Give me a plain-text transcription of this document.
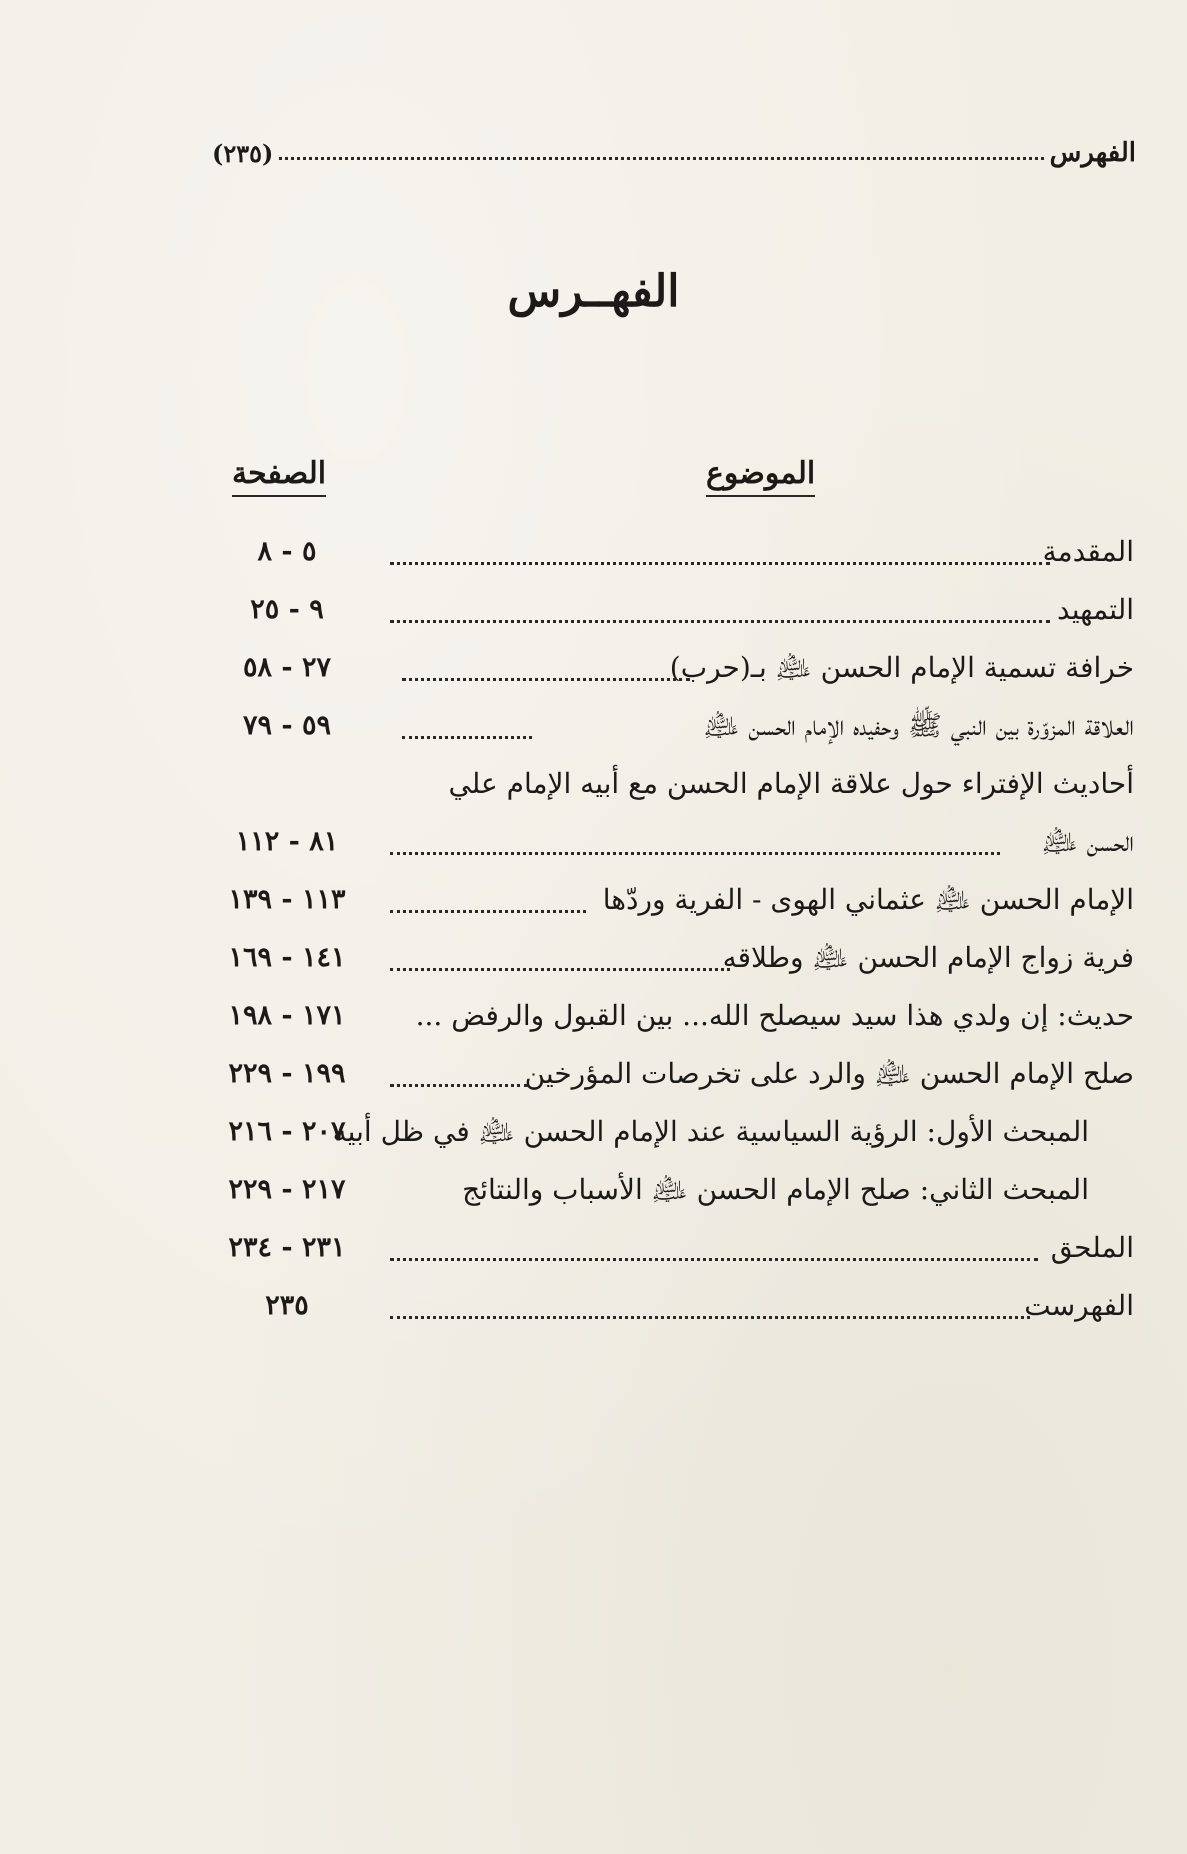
الفهرس
(٢٣٥)
الفهــرس
الموضوع
الصفحة
المقدمة
٥ - ٨
التمهيد
٩ - ٢٥
خرافة تسمية الإمام الحسن ﵇ بـ(حرب)
٢٧ - ٥٨
العلاقة المزوّرة بين النبي ﷺ وحفيده الإمام الحسن ﵇
٥٩ - ٧٩
أحاديث الإفتراء حول علاقة الإمام الحسن مع أبيه الإمام علي
الحسن ﵇
٨١ - ١١٢
الإمام الحسن ﵇ عثماني الهوى - الفرية وردّها
١١٣ - ١٣٩
فرية زواج الإمام الحسن ﵇ وطلاقه
١٤١ - ١٦٩
حديث: إن ولدي هذا سيد سيصلح الله... بين القبول والرفض ...
١٧١ - ١٩٨
صلح الإمام الحسن ﵇ والرد على تخرصات المؤرخين
١٩٩ - ٢٢٩
المبحث الأول: الرؤية السياسية عند الإمام الحسن ﵇ في ظل أبيه
٢٠٧ - ٢١٦
المبحث الثاني: صلح الإمام الحسن ﵇ الأسباب والنتائج
٢١٧ - ٢٢٩
الملحق
٢٣١ - ٢٣٤
الفهرست
٢٣٥
